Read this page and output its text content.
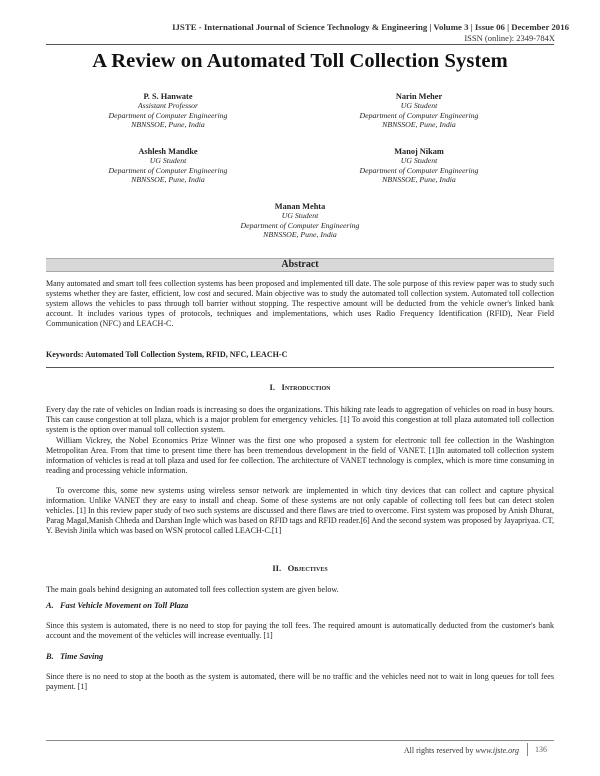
IJSTE - International Journal of Science Technology & Engineering | Volume 3 | Issue 06 | December 2016
ISSN (online): 2349-784X
A Review on Automated Toll Collection System
P. S. Hanwate
Assistant Professor
Department of Computer Engineering
NBNSSOE, Pune, India
Narin Meher
UG Student
Department of Computer Engineering
NBNSSOE, Pune, India
Ashlesh Mandke
UG Student
Department of Computer Engineering
NBNSSOE, Pune, India
Manoj Nikam
UG Student
Department of Computer Engineering
NBNSSOE, Pune, India
Manan Mehta
UG Student
Department of Computer Engineering
NBNSSOE, Pune, India
Abstract
Many automated and smart toll fees collection systems has been proposed and implemented till date. The sole purpose of this review paper was to study such systems whether they are faster, efficient, low cost and secured. Main objective was to study the automated toll collection system. Automated toll collection system allows the vehicles to pass through toll barrier without stopping. The respective amount will be deducted from the vehicle owner's linked bank account. It includes various types of protocols, techniques and implementations, which uses Radio Frequency Identification (RFID), Near Field Communication (NFC) and LEACH-C.
Keywords: Automated Toll Collection System, RFID, NFC, LEACH-C
I. Introduction
Every day the rate of vehicles on Indian roads is increasing so does the organizations. This hiking rate leads to aggregation of vehicles on road in busy hours. This can cause congestion at toll plaza, which is a major problem for emergency vehicles. [1] To avoid this congestion at toll plaza automated toll collection system is the option over manual toll collection system.
William Vickrey, the Nobel Economics Prize Winner was the first one who proposed a system for electronic toll fee collection in the Washington Metropolitan Area. From that time to present time there has been tremendous development in the field of VANET. [1]In automated toll collection system information of vehicles is read at toll plaza and used for fee collection. The architecture of VANET technology is complex, which is more time consuming in reading and processing vehicle information.
To overcome this, some new systems using wireless sensor network are implemented in which tiny devices that can collect and capture physical information. Unlike VANET they are easy to install and cheap. Some of these systems are not only capable of collecting toll fees but can detect stolen vehicles. [1] In this review paper study of two such systems are discussed and there flaws are tried to overcome. First system was proposed by Anish Dhurat, Parag Magal,Manish Chheda and Darshan Ingle which was based on RFID tags and RFID reader.[6] And the second system was proposed by Jayapriyaa. CT, Y. Bevish Jinila which was based on WSN protocol called LEACH-C.[1]
II. Objectives
The main goals behind designing an automated toll fees collection system are given below.
A. Fast Vehicle Movement on Toll Plaza
Since this system is automated, there is no need to stop for paying the toll fees. The required amount is automatically deducted from the customer's bank account and the movement of the vehicles will increase eventually. [1]
B. Time Saving
Since there is no need to stop at the booth as the system is automated, there will be no traffic and the vehicles need not to wait in long queues for toll fees payment. [1]
All rights reserved by www.ijste.org	136
